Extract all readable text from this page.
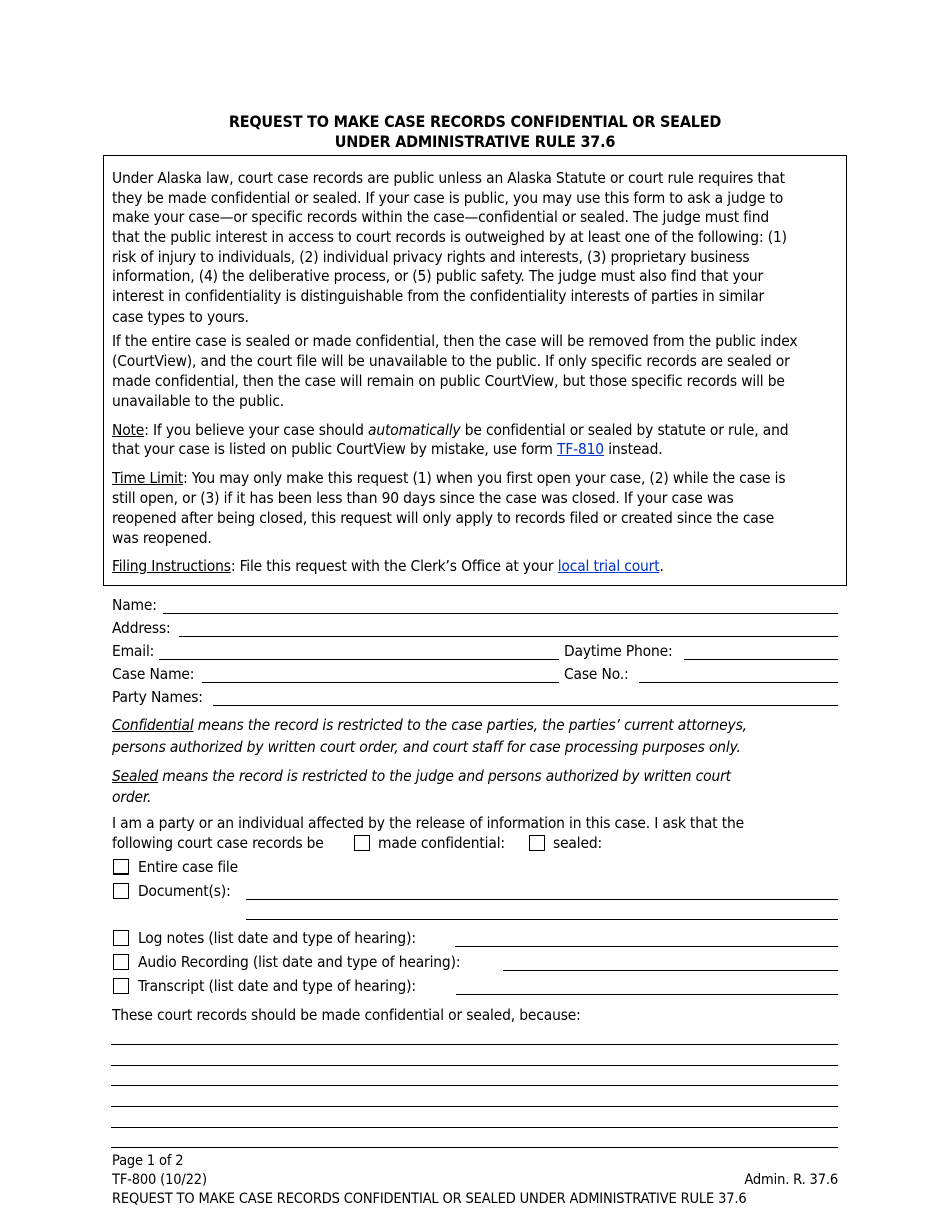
REQUEST TO MAKE CASE RECORDS CONFIDENTIAL OR SEALED
UNDER ADMINISTRATIVE RULE 37.6
Under Alaska law, court case records are public unless an Alaska Statute or court rule requires that
they be made confidential or sealed. If your case is public, you may use this form to ask a judge to
make your case—or specific records within the case—confidential or sealed. The judge must find
that the public interest in access to court records is outweighed by at least one of the following: (1)
risk of injury to individuals, (2) individual privacy rights and interests, (3) proprietary business
information, (4) the deliberative process, or (5) public safety. The judge must also find that your
interest in confidentiality is distinguishable from the confidentiality interests of parties in similar
case types to yours.
If the entire case is sealed or made confidential, then the case will be removed from the public index
(CourtView), and the court file will be unavailable to the public. If only specific records are sealed or
made confidential, then the case will remain on public CourtView, but those specific records will be
unavailable to the public.
Note: If you believe your case should automatically be confidential or sealed by statute or rule, and
that your case is listed on public CourtView by mistake, use form TF-810 instead.
Time Limit: You may only make this request (1) when you first open your case, (2) while the case is
still open, or (3) if it has been less than 90 days since the case was closed. If your case was
reopened after being closed, this request will only apply to records filed or created since the case
was reopened.
Filing Instructions: File this request with the Clerk’s Office at your local trial court.
Name:
Address:
Email:	Daytime Phone:
Case Name:	Case No.:
Party Names:
Confidential means the record is restricted to the case parties, the parties’ current attorneys,
persons authorized by written court order, and court staff for case processing purposes only.
Sealed means the record is restricted to the judge and persons authorized by written court
order.
I am a party or an individual affected by the release of information in this case. I ask that the
following court case records be	made confidential:	sealed:
Entire case file
Document(s):
Log notes (list date and type of hearing):
Audio Recording (list date and type of hearing):
Transcript (list date and type of hearing):
These court records should be made confidential or sealed, because:
Page 1 of 2
TF-800 (10/22)	Admin. R. 37.6
REQUEST TO MAKE CASE RECORDS CONFIDENTIAL OR SEALED UNDER ADMINISTRATIVE RULE 37.6
